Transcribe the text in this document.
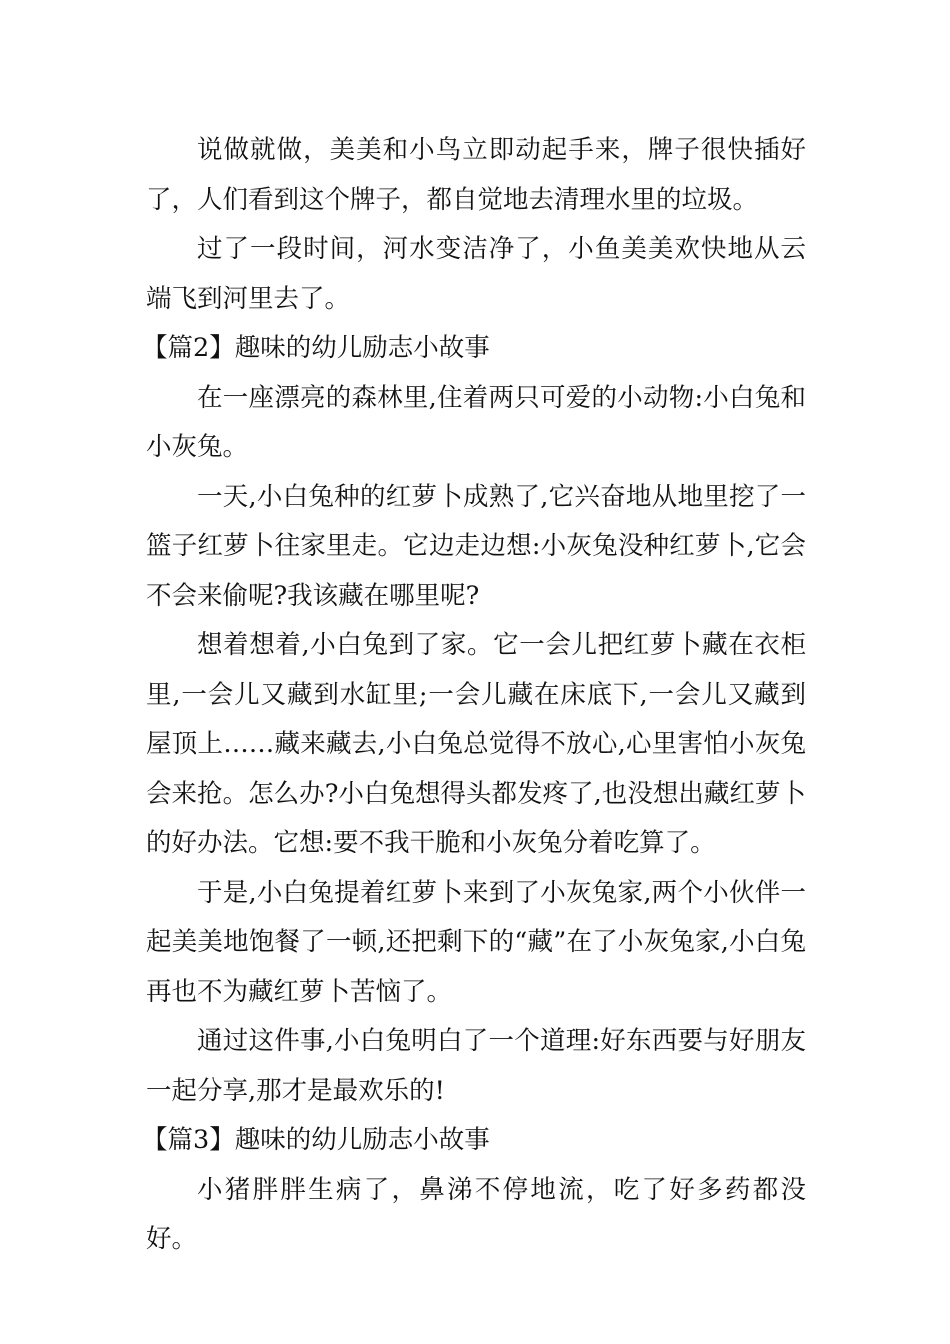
说做就做，美美和小鸟立即动起手来，牌子很快插好了，人们看到这个牌子，都自觉地去清理水里的垃圾。

过了一段时间，河水变洁净了，小鱼美美欢快地从云端飞到河里去了。

【篇2】趣味的幼儿励志小故事

在一座漂亮的森林里,住着两只可爱的小动物:小白兔和小灰兔。

一天,小白兔种的红萝卜成熟了,它兴奋地从地里挖了一篮子红萝卜往家里走。它边走边想:小灰兔没种红萝卜,它会不会来偷呢?我该藏在哪里呢?

想着想着,小白兔到了家。它一会儿把红萝卜藏在衣柜里,一会儿又藏到水缸里;一会儿藏在床底下,一会儿又藏到屋顶上……藏来藏去,小白兔总觉得不放心,心里害怕小灰兔会来抢。怎么办?小白兔想得头都发疼了,也没想出藏红萝卜的好办法。它想:要不我干脆和小灰兔分着吃算了。

于是,小白兔提着红萝卜来到了小灰兔家,两个小伙伴一起美美地饱餐了一顿,还把剩下的“藏”在了小灰兔家,小白兔再也不为藏红萝卜苦恼了。

通过这件事,小白兔明白了一个道理:好东西要与好朋友一起分享,那才是最欢乐的!

【篇3】趣味的幼儿励志小故事

小猪胖胖生病了，鼻涕不停地流，吃了好多药都没好。
